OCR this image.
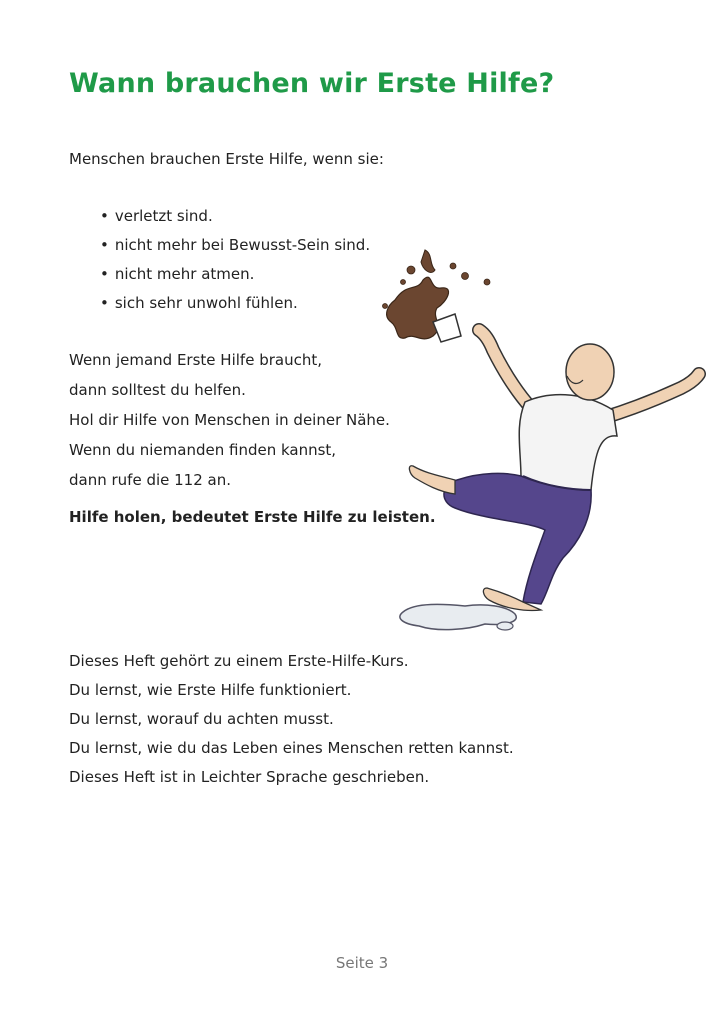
Wann brauchen wir Erste Hilfe?

Menschen brauchen Erste Hilfe, wenn sie:

• verletzt sind.
• nicht mehr bei Bewusst-Sein sind.
• nicht mehr atmen.
• sich sehr unwohl fühlen.

Wenn jemand Erste Hilfe braucht,

dann solltest du helfen.

Hol dir Hilfe von Menschen in deiner Nähe.

Wenn du niemanden finden kannst,

dann rufe die 112 an.

Hilfe holen, bedeutet Erste Hilfe zu leisten.

Dieses Heft gehört zu einem Erste-Hilfe-Kurs.

Du lernst, wie Erste Hilfe funktioniert.

Du lernst, worauf du achten musst.

Du lernst, wie du das Leben eines Menschen retten kannst.

Dieses Heft ist in Leichter Sprache geschrieben.

Seite 3
